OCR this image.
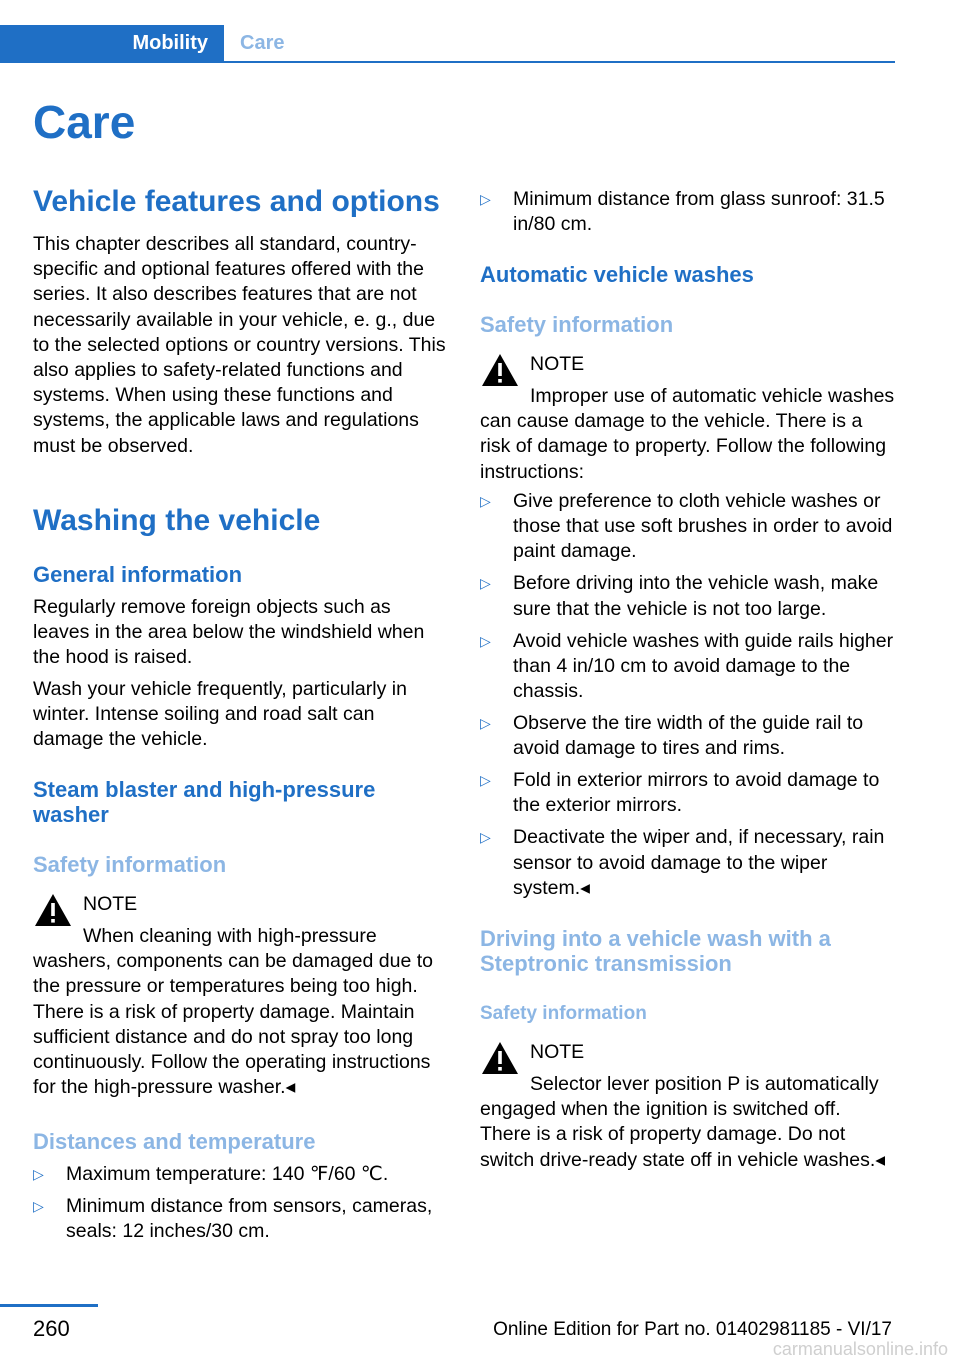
Mobility Care
Care
Vehicle features and options

This chapter describes all standard, country-specific and optional features offered with the series. It also describes features that are not necessarily available in your vehicle, e. g., due to the selected options or country versions. This also applies to safety-related functions and systems. When using these functions and systems, the applicable laws and regulations must be observed.

Washing the vehicle
General information

Regularly remove foreign objects such as leaves in the area below the windshield when the hood is raised.

Wash your vehicle frequently, particularly in winter. Intense soiling and road salt can damage the vehicle.

Steam blaster and high-pressure washer
Safety information
NOTE

When cleaning with high-pressure washers, components can be damaged due to the pressure or temperatures being too high. There is a risk of property damage. Maintain sufficient distance and do not spray too long continuously. Follow the operating instructions for the high-pressure washer.◂

Distances and temperature
▷ Maximum temperature: 140 ℉/60 ℃.
▷ Minimum distance from sensors, cameras, seals: 12 inches/30 cm.
▷ Minimum distance from glass sunroof: 31.5 in/80 cm.
Automatic vehicle washes
Safety information
NOTE

Improper use of automatic vehicle washes can cause damage to the vehicle. There is a risk of damage to property. Follow the following instructions:

▷ Give preference to cloth vehicle washes or those that use soft brushes in order to avoid paint damage.
▷ Before driving into the vehicle wash, make sure that the vehicle is not too large.
▷ Avoid vehicle washes with guide rails higher than 4 in/10 cm to avoid damage to the chassis.
▷ Observe the tire width of the guide rail to avoid damage to tires and rims.
▷ Fold in exterior mirrors to avoid damage to the exterior mirrors.
▷ Deactivate the wiper and, if necessary, rain sensor to avoid damage to the wiper system.◂
Driving into a vehicle wash with a Steptronic transmission
Safety information
NOTE

Selector lever position P is automatically engaged when the ignition is switched off. There is a risk of property damage. Do not switch drive-ready state off in vehicle washes.◂

260	Online Edition for Part no. 01402981185 - VI/17
carmanualsonline.info
